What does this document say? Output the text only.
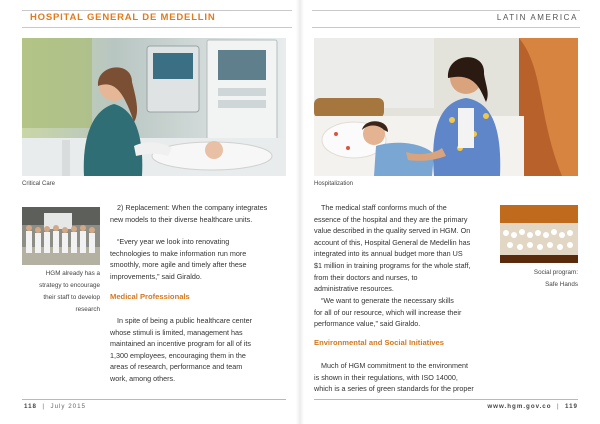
HOSPITAL GENERAL DE MEDELLIN
Critical Care
HGM already has a
strategy to encourage
their staff to develop
research
2) Replacement: When the company integrates
new models to their diverse healthcare units.
“Every year we look into renovating
technologies to make information run more
smoothly, more agile and timely after these
improvements,” said Giraldo.
Medical Professionals
In spite of being a public healthcare center
whose stimuli is limited, management has
maintained an incentive program for all of its
1,300 employees, encouraging them in the
areas of research, performance and team
work, among others.
118  |  July 2015
LATIN AMERICA
Hospitalization
The medical staff conforms much of the
essence of the hospital and they are the primary
value described in the quality served in HGM. On
account of this, Hospital General de Medellin has
integrated into its annual budget more than US
$1 million in training programs for the whole staff,
from their doctors and nurses, to
administrative resources.
“We want to generate the necessary skills
for all of our resource, which will increase their
performance value,” said Giraldo.
Environmental and Social Initiatives
Much of HGM commitment to the environment
is shown in their regulations, with ISO 14000,
which is a series of green standards for the proper
Social program:
Safe Hands
www.hgm.gov.co  |  119
